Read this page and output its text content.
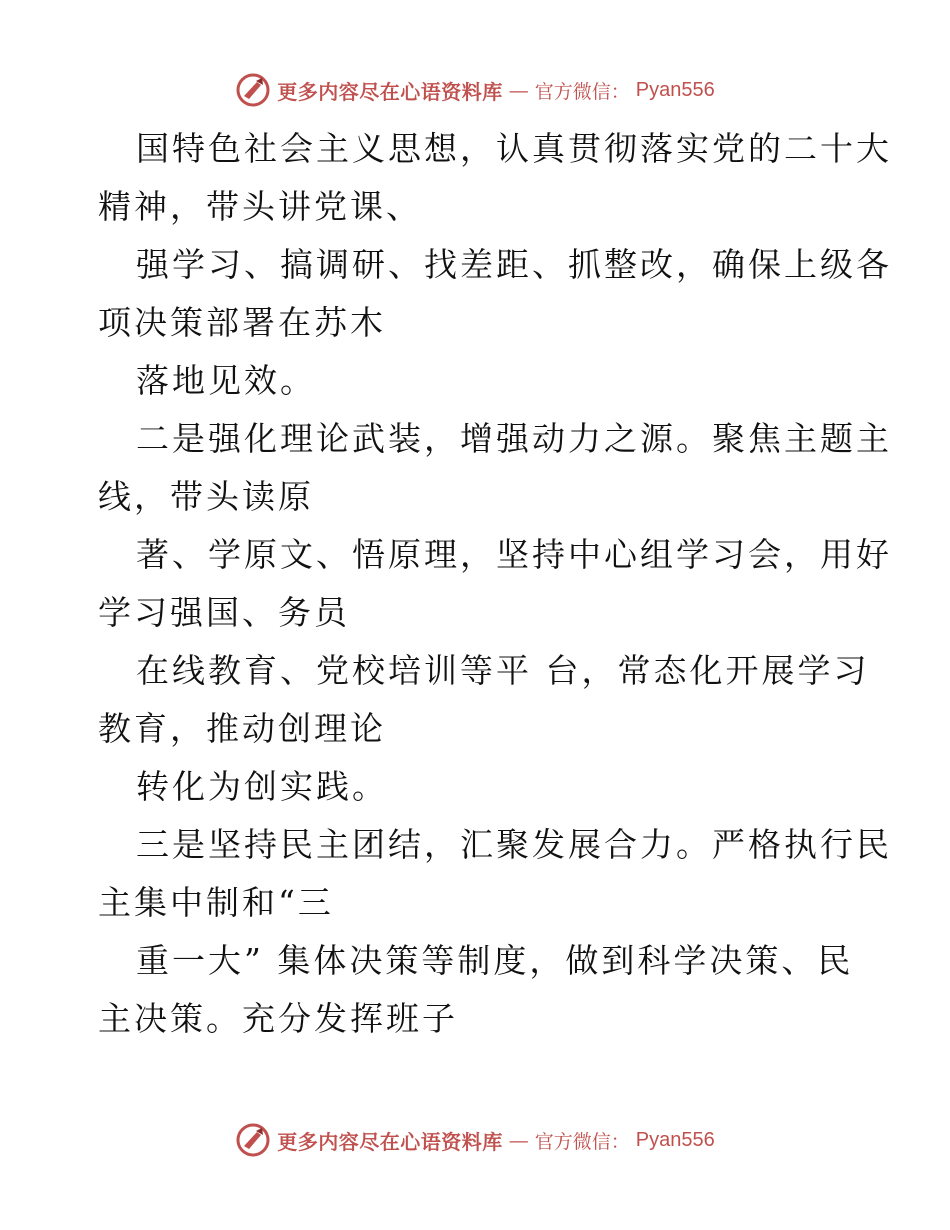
更多内容尽在心语资料库 — 官方微信： Pyan556
国特色社会主义思想，认真贯彻落实党的二十大
精神，带头讲党课、
强学习、搞调研、找差距、抓整改，确保上级各
项决策部署在苏木
落地见效。
二是强化理论武装，增强动力之源。聚焦主题主
线，带头读原
著、学原文、悟原理，坚持中心组学习会，用好
学习强国、务员
在线教育、党校培训等平 台，常态化开展学习
教育，推动创理论
转化为创实践。
三是坚持民主团结，汇聚发展合力。严格执行民
主集中制和“三
重一大” 集体决策等制度，做到科学决策、民
主决策。充分发挥班子
更多内容尽在心语资料库 — 官方微信： Pyan556
